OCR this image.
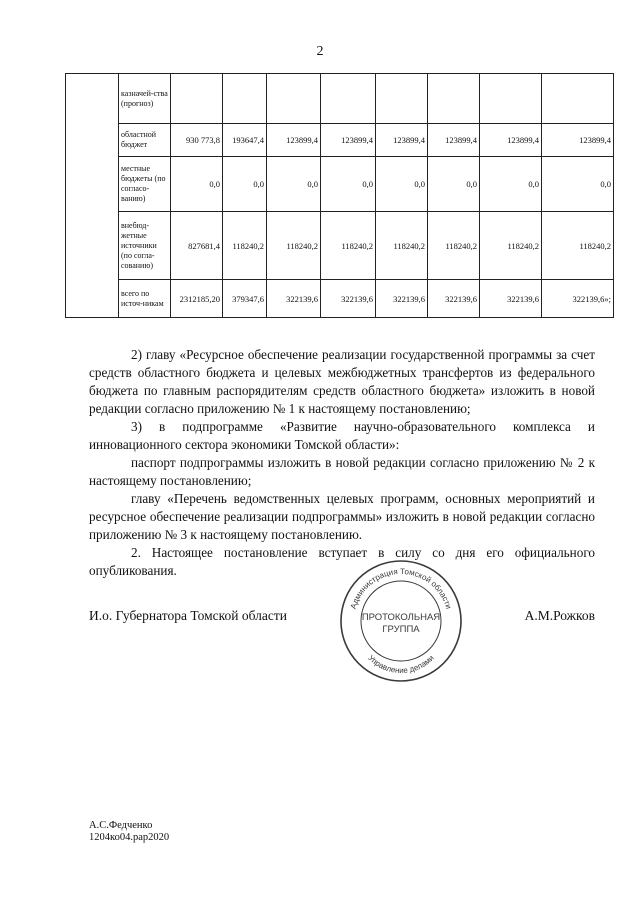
2
	казначей-ства (прогноз)								
	областной бюджет	930 773,8	193647,4	123899,4	123899,4	123899,4	123899,4	123899,4	123899,4
	местные бюджеты (по согласо-ванию)	0,0	0,0	0,0	0,0	0,0	0,0	0,0	0,0
	внебюд-жетные источники (по согла-сованию)	827681,4	118240,2	118240,2	118240,2	118240,2	118240,2	118240,2	118240,2
	всего по источ-никам	2312185,20	379347,6	322139,6	322139,6	322139,6	322139,6	322139,6	322139,6»;

2) главу «Ресурсное обеспечение реализации государственной программы за счет средств областного бюджета и целевых межбюджетных трансфертов из федерального бюджета по главным распорядителям средств областного бюджета» изложить в новой редакции согласно приложению № 1 к настоящему постановлению;

3) в подпрограмме «Развитие научно-образовательного комплекса и инновационного сектора экономики Томской области»:

паспорт подпрограммы изложить в новой редакции согласно приложению № 2 к настоящему постановлению;

главу «Перечень ведомственных целевых программ, основных мероприятий и ресурсное обеспечение реализации подпрограммы» изложить в новой редакции согласно приложению № 3 к настоящему постановлению.

2. Настоящее постановление вступает в силу со дня его официального опубликования.

И.о. Губернатора Томской области	А.М.Рожков
Администрация Томской области
Управление делами
ПРОТОКОЛЬНАЯ
ГРУППА
А.С.Федченко
1204ко04.рар2020
